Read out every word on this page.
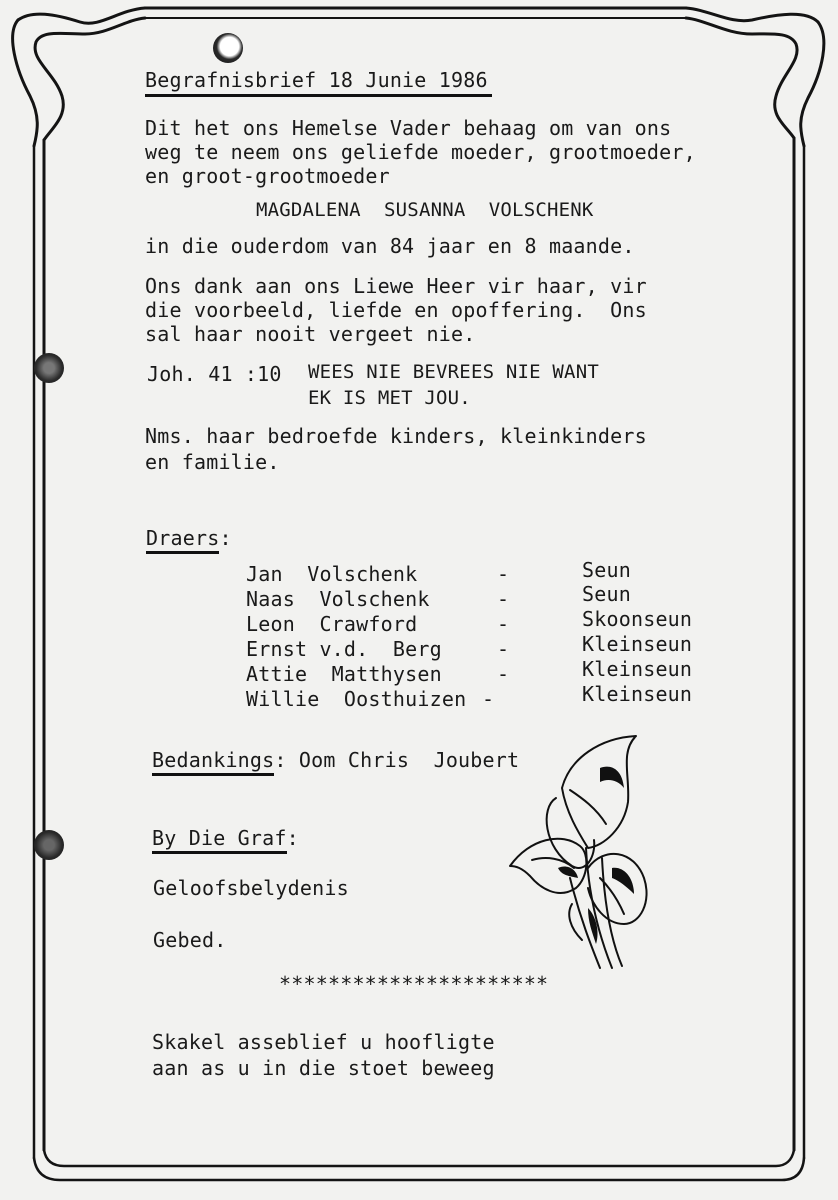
Begrafnisbrief 18 Junie 1986
Dit het ons Hemelse Vader behaag om van ons
weg te neem ons geliefde moeder, grootmoeder,
en groot-grootmoeder
MAGDALENA  SUSANNA  VOLSCHENK
in die ouderdom van 84 jaar en 8 maande.
Ons dank aan ons Liewe Heer vir haar, vir
die voorbeeld, liefde en opoffering.  Ons
sal haar nooit vergeet nie.
Joh. 41 :10 WEES NIE BEVREES NIE WANT
EK IS MET JOU.
Nms. haar bedroefde kinders, kleinkinders
en familie.
Draers:
Jan  Volschenk	-	Seun
Naas  Volschenk	-	Seun
Leon  Crawford	-	Skoonseun
Ernst v.d.  Berg	-	Kleinseun
Attie  Matthysen	-	Kleinseun
Willie  Oosthuizen -	Kleinseun
Bedankings: Oom Chris  Joubert
By Die Graf:
Geloofsbelydenis
Gebed.
**********************
Skakel asseblief u hoofligte
aan as u in die stoet beweeg
